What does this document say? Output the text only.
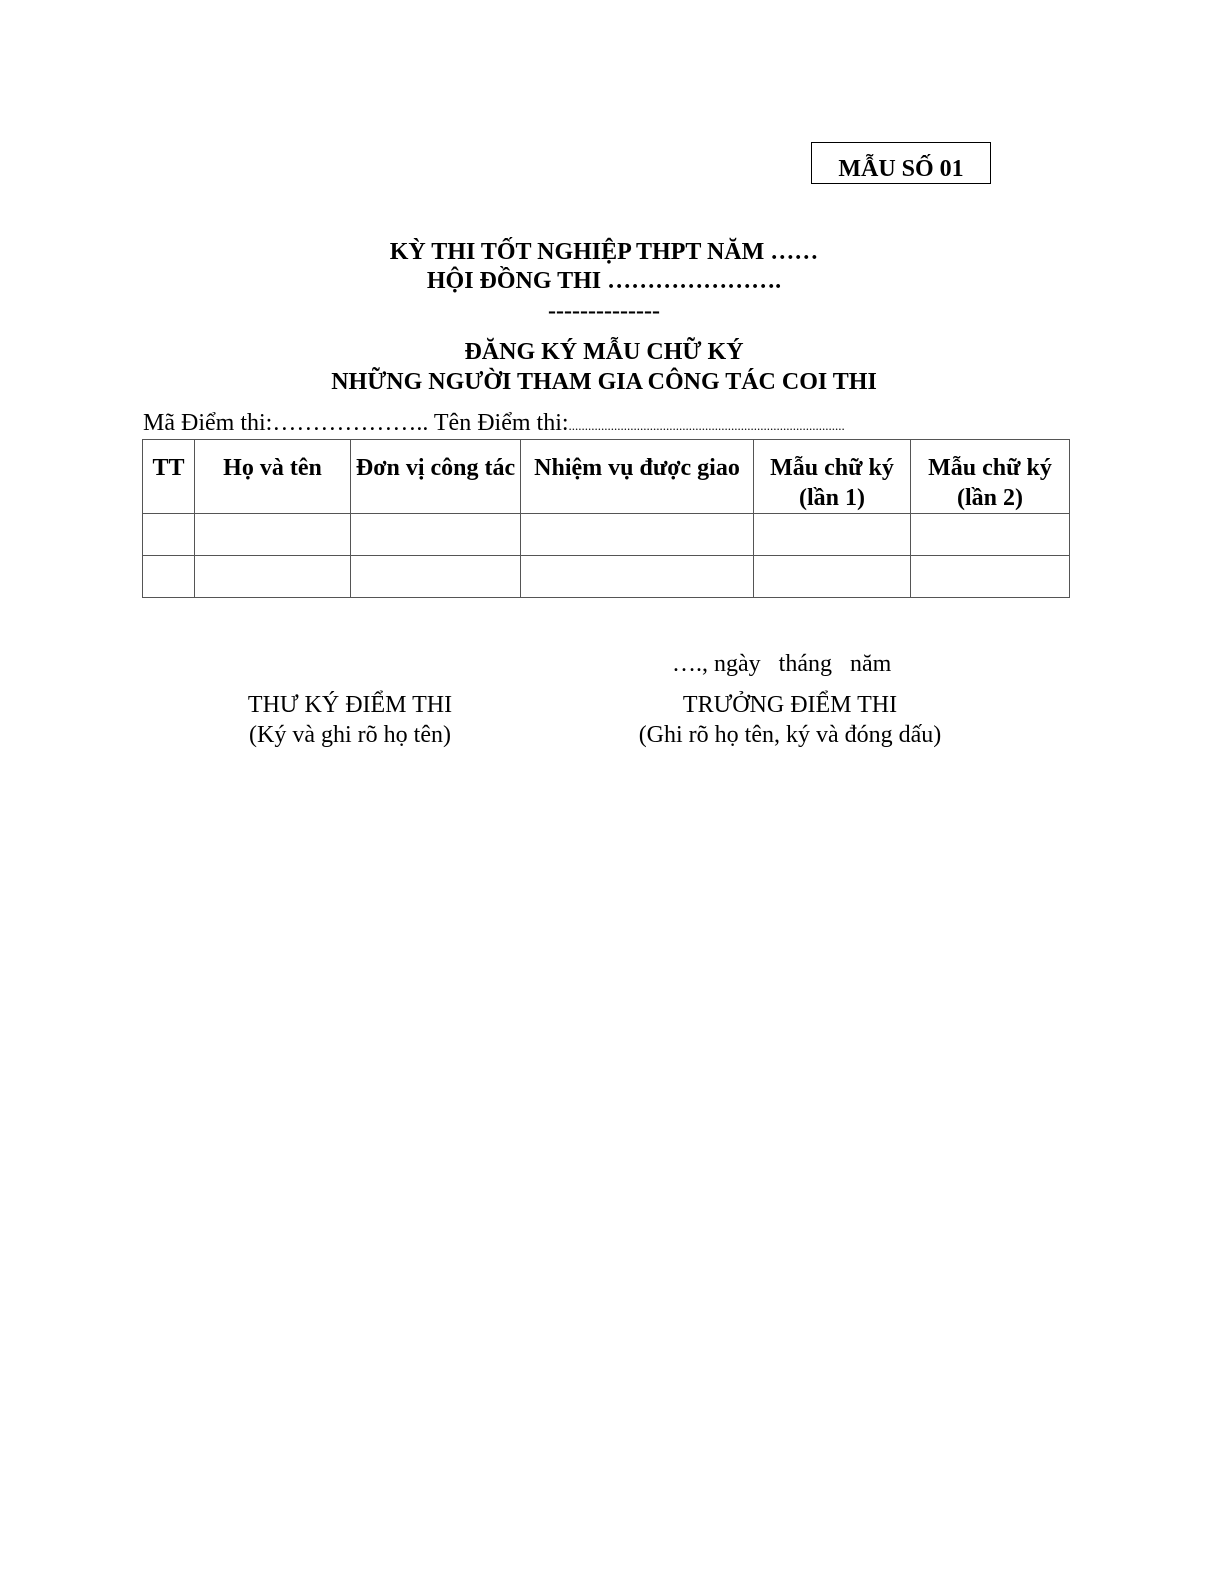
MẪU SỐ 01
KỲ THI TỐT NGHIỆP THPT NĂM ……
HỘI ĐỒNG THI ………………….
--------------
ĐĂNG KÝ MẪU CHỮ KÝ
NHỮNG NGƯỜI THAM GIA CÔNG TÁC COI THI
Mã Điểm thi:……………….. Tên Điểm thi:.....................................................................................
TT	Họ và tên	Đơn vị công tác	Nhiệm vụ được giao	Mẫu chữ ký (lần 1)	Mẫu chữ ký (lần 2)

…., ngày   tháng   năm
THƯ KÝ ĐIỂM THI
(Ký và ghi rõ họ tên)
TRƯỞNG ĐIỂM THI
(Ghi rõ họ tên, ký và đóng dấu)
